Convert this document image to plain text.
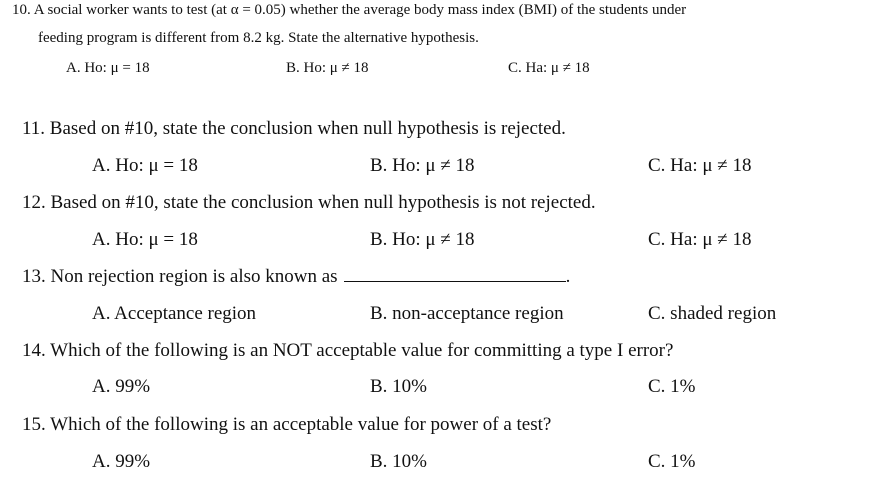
10. A social worker wants to test (at α = 0.05) whether the average body mass index (BMI) of the students under
feeding program is different from 8.2 kg. State the alternative hypothesis.
A. Ho: μ = 18	B. Ho: μ ≠ 18	C. Ha: μ ≠ 18
11. Based on #10, state the conclusion when null hypothesis is rejected.
A. Ho: μ = 18	B. Ho: μ ≠ 18	C. Ha: μ ≠ 18
12. Based on #10, state the conclusion when null hypothesis is not rejected.
A. Ho: μ = 18	B. Ho: μ ≠ 18	C. Ha: μ ≠ 18
13. Non rejection region is also known as	.
A. Acceptance region	B. non-acceptance region	C. shaded region
14. Which of the following is an NOT acceptable value for committing a type I error?
A. 99%	B. 10%	C. 1%
15. Which of the following is an acceptable value for power of a test?
A. 99%	B. 10%	C. 1%
